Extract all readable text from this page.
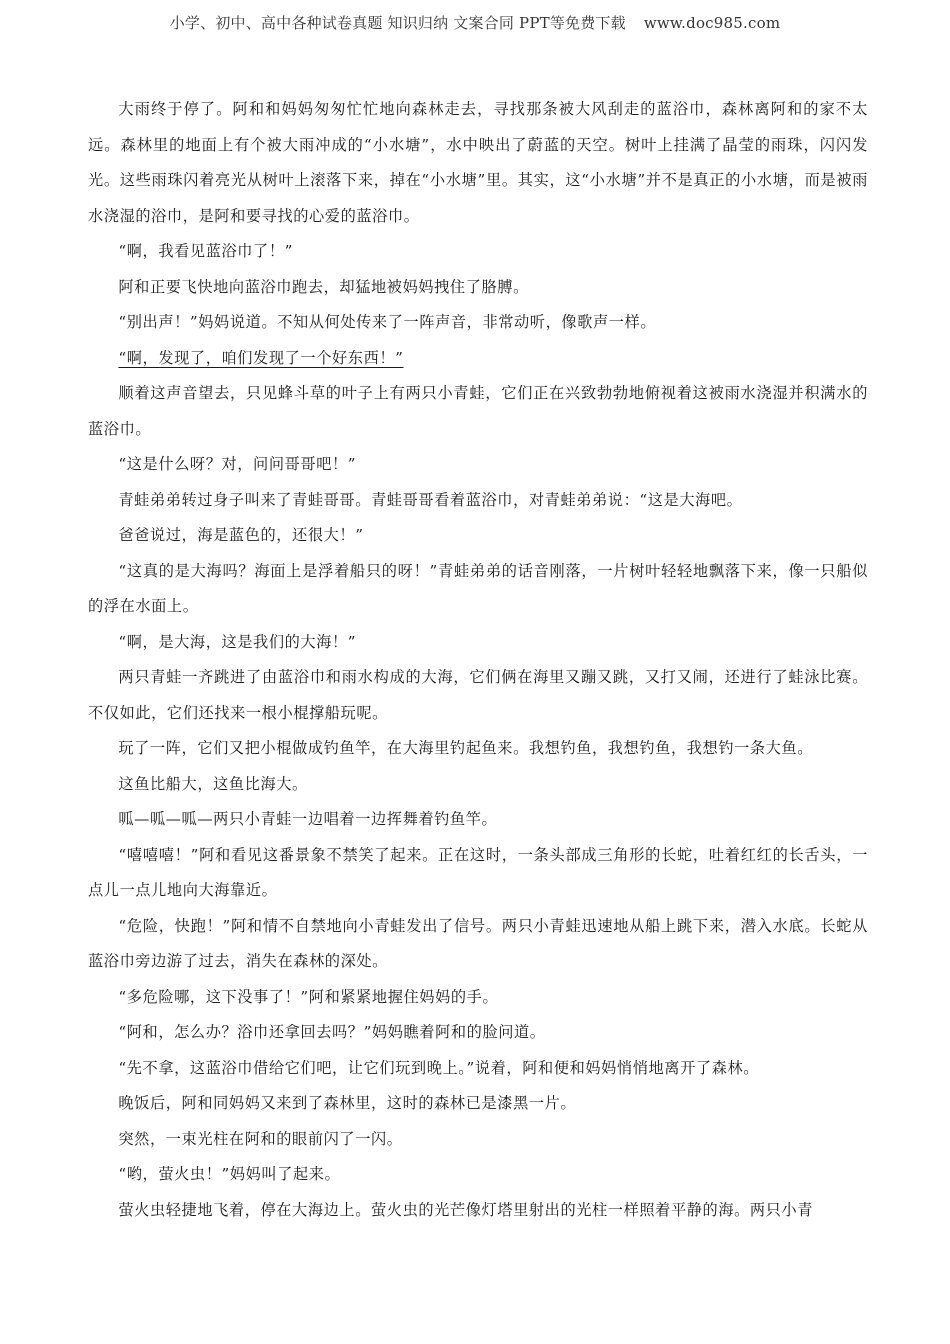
小学、初中、高中各种试卷真题 知识归纳 文案合同 PPT等免费下载 www.doc985.com

大雨终于停了。阿和和妈妈匆匆忙忙地向森林走去，寻找那条被大风刮走的蓝浴巾，森林离阿和的家不太远。森林里的地面上有个被大雨冲成的“小水塘”，水中映出了蔚蓝的天空。树叶上挂满了晶莹的雨珠，闪闪发光。这些雨珠闪着亮光从树叶上滚落下来，掉在“小水塘”里。其实，这“小水塘”并不是真正的小水塘，而是被雨水浇湿的浴巾，是阿和要寻找的心爱的蓝浴巾。

“啊，我看见蓝浴巾了！”

阿和正要飞快地向蓝浴巾跑去，却猛地被妈妈拽住了胳膊。

“别出声！”妈妈说道。不知从何处传来了一阵声音，非常动听，像歌声一样。

“啊，发现了，咱们发现了一个好东西！”

顺着这声音望去，只见蜂斗草的叶子上有两只小青蛙，它们正在兴致勃勃地俯视着这被雨水浇湿并积满水的蓝浴巾。

“这是什么呀？对，问问哥哥吧！”

青蛙弟弟转过身子叫来了青蛙哥哥。青蛙哥哥看着蓝浴巾，对青蛙弟弟说：“这是大海吧。

爸爸说过，海是蓝色的，还很大！”

“这真的是大海吗？海面上是浮着船只的呀！”青蛙弟弟的话音刚落，一片树叶轻轻地飘落下来，像一只船似的浮在水面上。

“啊，是大海，这是我们的大海！”

两只青蛙一齐跳进了由蓝浴巾和雨水构成的大海，它们俩在海里又蹦又跳，又打又闹，还进行了蛙泳比赛。不仅如此，它们还找来一根小棍撑船玩呢。

玩了一阵，它们又把小棍做成钓鱼竿，在大海里钓起鱼来。我想钓鱼，我想钓鱼，我想钓一条大鱼。

这鱼比船大，这鱼比海大。

呱—呱—呱—两只小青蛙一边唱着一边挥舞着钓鱼竿。

“嘻嘻嘻！”阿和看见这番景象不禁笑了起来。正在这时，一条头部成三角形的长蛇，吐着红红的长舌头，一点儿一点儿地向大海靠近。

“危险，快跑！”阿和情不自禁地向小青蛙发出了信号。两只小青蛙迅速地从船上跳下来，潜入水底。长蛇从蓝浴巾旁边游了过去，消失在森林的深处。

“多危险哪，这下没事了！”阿和紧紧地握住妈妈的手。

“阿和，怎么办？浴巾还拿回去吗？”妈妈瞧着阿和的脸问道。

“先不拿，这蓝浴巾借给它们吧，让它们玩到晚上。”说着，阿和便和妈妈悄悄地离开了森林。

晚饭后，阿和同妈妈又来到了森林里，这时的森林已是漆黑一片。

突然，一束光柱在阿和的眼前闪了一闪。

“哟，萤火虫！”妈妈叫了起来。

萤火虫轻捷地飞着，停在大海边上。萤火虫的光芒像灯塔里射出的光柱一样照着平静的海。两只小青
